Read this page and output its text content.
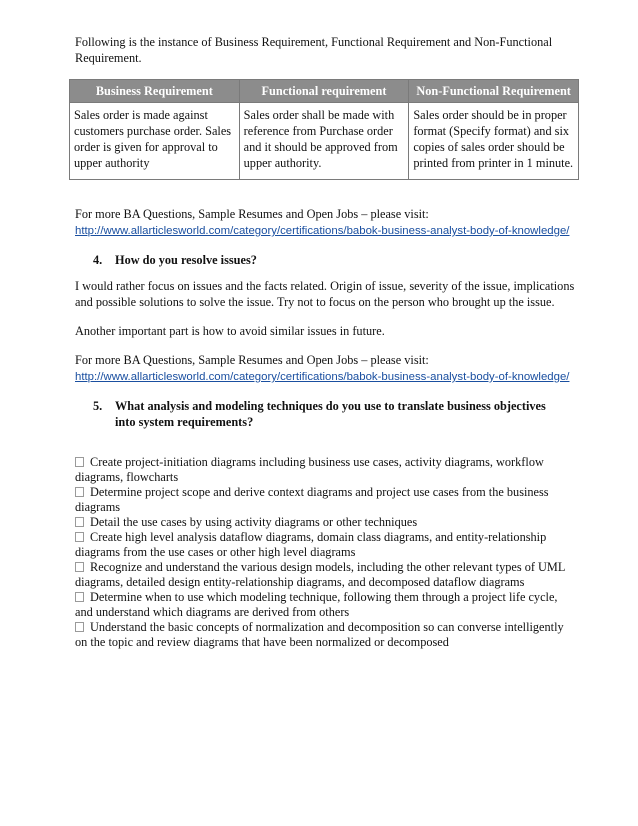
Following is the instance of Business Requirement, Functional Requirement and Non-Functional Requirement.

Business Requirement	Functional requirement	Non-Functional Requirement
Sales order is made against customers purchase order. Sales order is given for approval to upper authority	Sales order shall be made with reference from Purchase order and it should be approved from upper authority.	Sales order should be in proper format (Specify format) and six copies of sales order should be printed from printer in 1 minute.

For more BA Questions, Sample Resumes and Open Jobs – please visit:

http://www.allarticlesworld.com/category/certifications/babok-business-analyst-body-of-knowledge/
4.	How do you resolve issues?

I would rather focus on issues and the facts related. Origin of issue, severity of the issue, implications and possible solutions to solve the issue. Try not to focus on the person who brought up the issue.

Another important part is how to avoid similar issues in future.

For more BA Questions, Sample Resumes and Open Jobs – please visit:

http://www.allarticlesworld.com/category/certifications/babok-business-analyst-body-of-knowledge/
5.	What analysis and modeling techniques do you use to translate business objectives into system requirements?
Create project-initiation diagrams including business use cases, activity diagrams, workflow diagrams, flowcharts
Determine project scope and derive context diagrams and project use cases from the business diagrams
Detail the use cases by using activity diagrams or other techniques
Create high level analysis dataflow diagrams, domain class diagrams, and entity-relationship diagrams from the use cases or other high level diagrams
Recognize and understand the various design models, including the other relevant types of UML diagrams, detailed design entity-relationship diagrams, and decomposed dataflow diagrams
Determine when to use which modeling technique, following them through a project life cycle, and understand which diagrams are derived from others
Understand the basic concepts of normalization and decomposition so can converse intelligently on the topic and review diagrams that have been normalized or decomposed
